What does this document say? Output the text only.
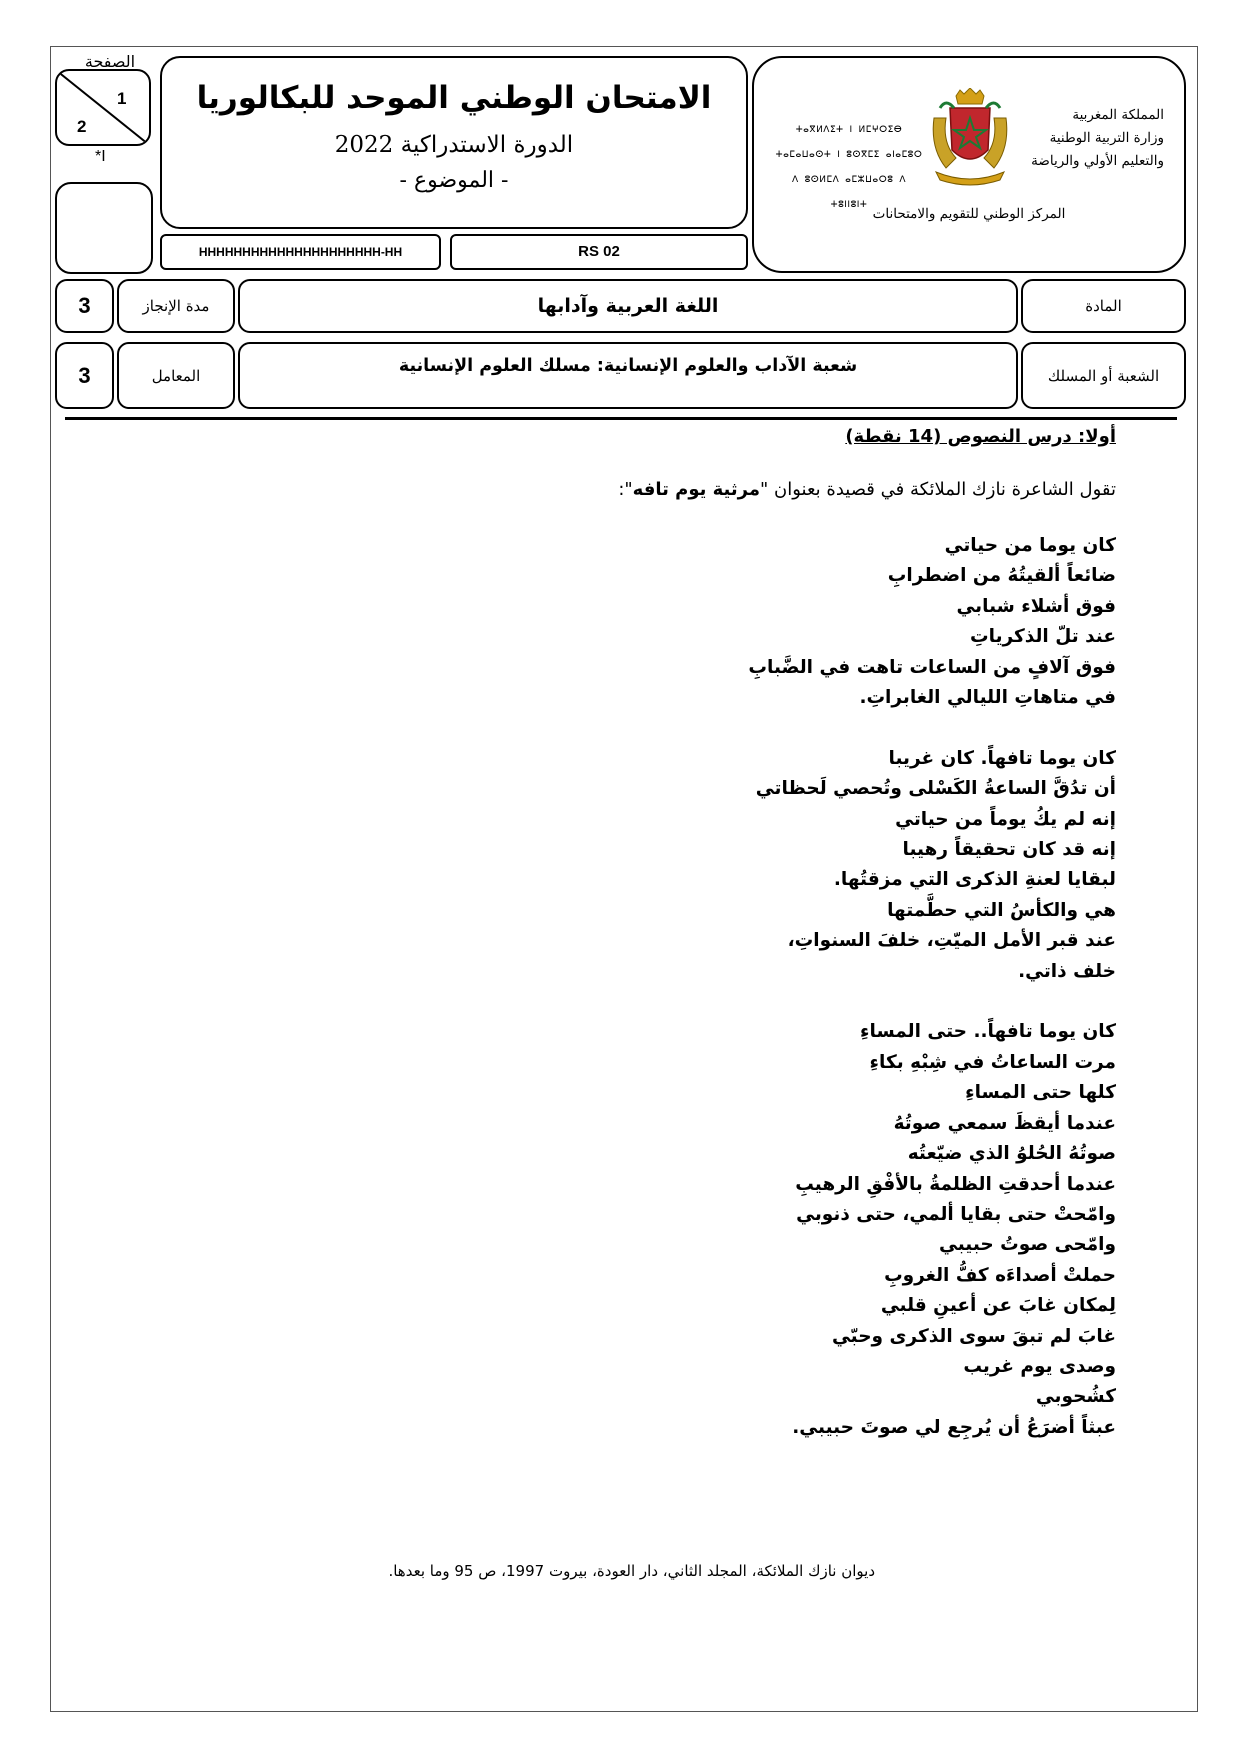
الصفحة
1
2
*I
الامتحان الوطني الموحد للبكالوريا
الدورة الاستدراكية 2022
- الموضوع -
HHHHHHHHHHHHHHHHHHHHH-HH	RS 02
ⵜⴰⴳⵍⴷⵉⵜ ⵏ ⵍⵎⵖⵔⵉⴱ
ⵜⴰⵎⴰⵡⴰⵙⵜ ⵏ ⵓⵙⴳⵎⵉ ⴰⵏⴰⵎⵓⵔ
ⴷ ⵓⵙⵍⵎⴷ ⴰⵎⵣⵡⴰⵔⵓ ⴷ ⵜⵓⵏⵏⵓⵏⵜ
المملكة المغربية
وزارة التربية الوطنية
والتعليم الأولي والرياضة
المركز الوطني للتقويم والامتحانات
3	مدة الإنجاز	اللغة العربية وآدابها	المادة
3	المعامل	شعبة الآداب والعلوم الإنسانية: مسلك العلوم الإنسانية	الشعبة أو المسلك
أولا: درس النصوص (14 نقطة)
تقول الشاعرة نازك الملائكة في قصيدة بعنوان "مرثية يوم تافه":
كان يوما من حياتي
ضائعاً ألقيتُهُ من اضطرابِ
فوق أشلاء شبابي
عند تلّ الذكرياتِ
فوق آلافٍ من الساعات تاهت في الضَّبابِ
في متاهاتِ الليالي الغابراتِ.
كان يوما تافهاً. كان غريبا
أن تدُقَّ الساعةُ الكَسْلى وتُحصي لَحظاتي
إنه لم يكُ يوماً من حياتي
إنه قد كان تحقيقاً رهيبا
لبقايا لعنةِ الذكرى التي مزقتُها.
هي والكأسُ التي حطَّمتها
عند قبر الأمل الميّتِ، خلفَ السنواتِ،
خلف ذاتي.
كان يوما تافهاً.. حتى المساءِ
مرت الساعاتُ في شِبْهِ بكاءِ
كلها حتى المساءِ
عندما أيقظَ سمعي صوتُهُ
صوتُهُ الحُلوُ الذي ضيّعتُه
عندما أحدقتِ الظلمةُ بالأفْقِ الرهيبِ
وامّحتْ حتى بقايا ألمي، حتى ذنوبي
وامّحى صوتُ حبيبي
حملتْ أصداءَه كفُّ الغروبِ
لِمكان غابَ عن أعينِ قلبي
غابَ لم تبقَ سوى الذكرى وحبّي
وصدى يوم غريب
كشُحوبي
عبثاً أضرَعُ أن يُرجِع لي صوتَ حبيبي.
ديوان نازك الملائكة، المجلد الثاني، دار العودة، بيروت 1997، ص 95 وما بعدها.
